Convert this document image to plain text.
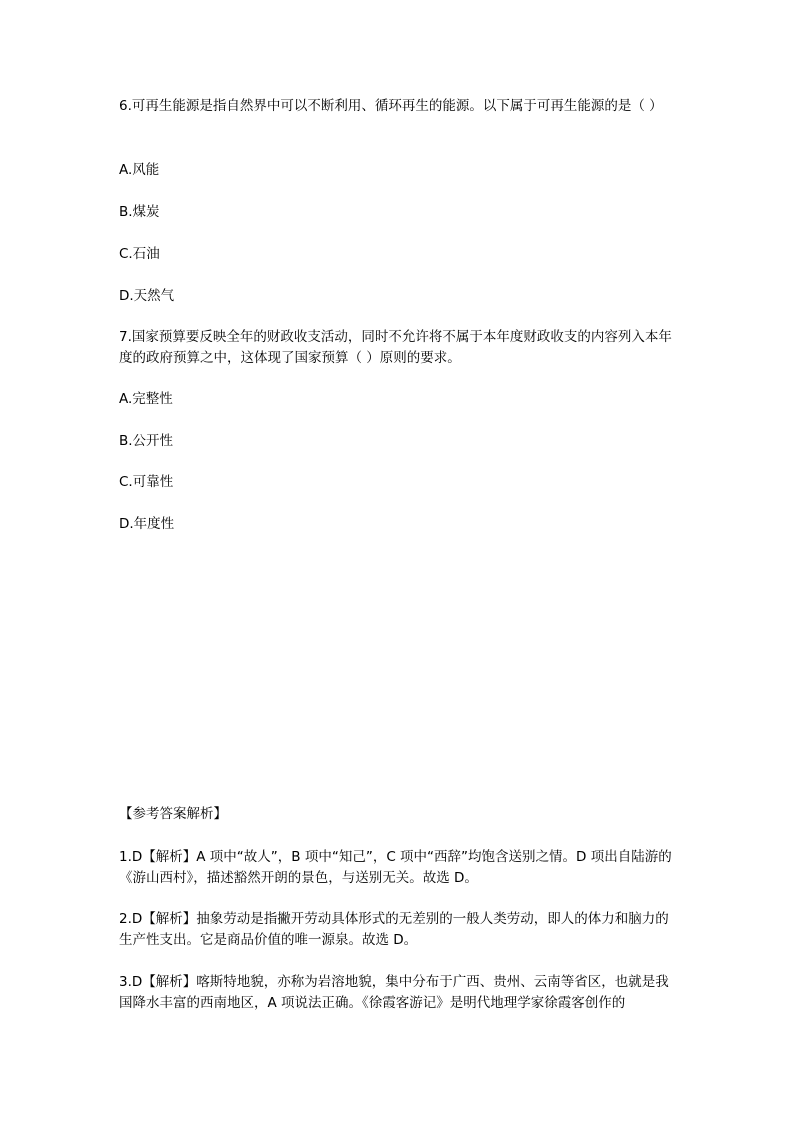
6.可再生能源是指自然界中可以不断利用、循环再生的能源。以下属于可再生能源的是（ ）

A.风能

B.煤炭

C.石油

D.天然气

7.国家预算要反映全年的财政收支活动，同时不允许将不属于本年度财政收支的内容列入本年度的政府预算之中，这体现了国家预算（ ）原则的要求。

A.完整性

B.公开性

C.可靠性

D.年度性

【参考答案解析】

1.D【解析】A 项中“故人”，B 项中“知己”，C 项中“西辞”均饱含送别之情。D 项出自陆游的《游山西村》，描述豁然开朗的景色，与送别无关。故选 D。

2.D【解析】抽象劳动是指撇开劳动具体形式的无差别的一般人类劳动，即人的体力和脑力的生产性支出。它是商品价值的唯一源泉。故选 D。

3.D【解析】喀斯特地貌，亦称为岩溶地貌，集中分布于广西、贵州、云南等省区，也就是我国降水丰富的西南地区，A 项说法正确。《徐霞客游记》是明代地理学家徐霞客创作的
